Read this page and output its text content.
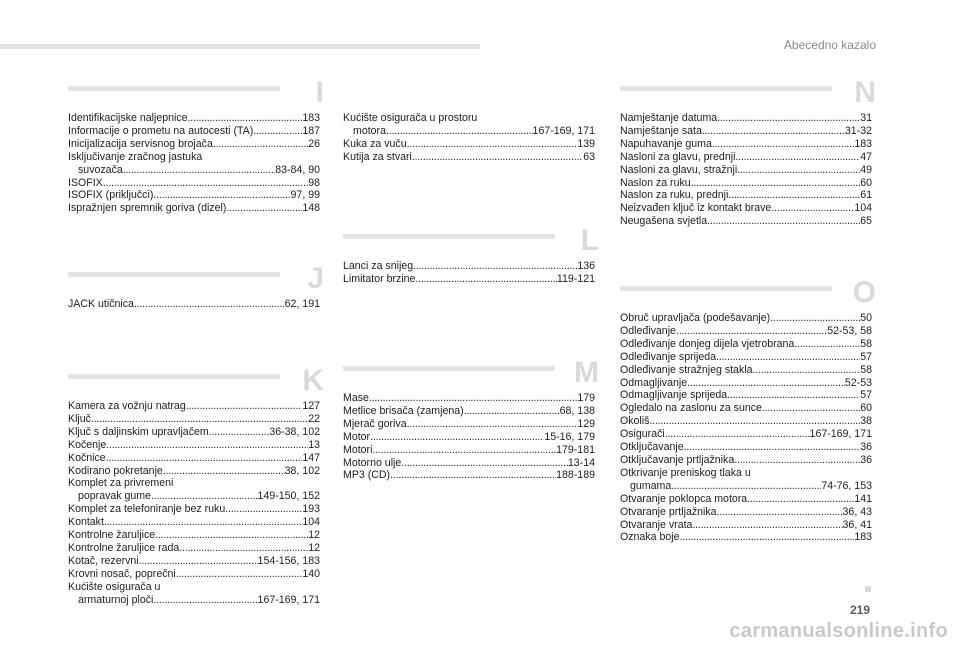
Abecedno kazalo
I
Identifikacijske naljepnice .....	183
Informacije o prometu na autocesti (TA) .....	187
Inicijalizacija servisnog brojača .....	26
Isključivanje zračnog jastuka
suvozača .....	83-84, 90
ISOFIX .....	98
ISOFIX (priključci) .....	97, 99
Ispražnjen spremnik goriva (dizel) .....	148
J
JACK utičnica .....	62, 191
K
Kamera za vožnju natrag .....	127
Ključ .....	22
Ključ s daljinskim upravljačem .....	36-38, 102
Kočenje .....	13
Kočnice .....	147
Kodirano pokretanje .....	38, 102
Komplet za privremeni
popravak gume .....	149-150, 152
Komplet za telefoniranje bez ruku .....	193
Kontakt .....	104
Kontrolne žaruljice .....	12
Kontrolne žaruljice rada .....	12
Kotač, rezervni .....	154-156, 183
Krovni nosač, poprečni .....	140
Kućište osigurača u
armaturnoj ploči .....	167-169, 171
Kućište osigurača u prostoru
motora .....	167-169, 171
Kuka za vuču .....	139
Kutija za stvari .....	63
L
Lanci za snijeg .....	136
Limitator brzine .....	119-121
M
Mase .....	179
Metlice brisača (zamjena) .....	68, 138
Mjerač goriva .....	129
Motor .....	15-16, 179
Motori .....	179-181
Motorno ulje .....	13-14
MP3 (CD) .....	188-189
N
Namještanje datuma .....	31
Namještanje sata .....	31-32
Napuhavanje guma .....	183
Nasloni za glavu, prednji .....	47
Nasloni za glavu, stražnji .....	49
Naslon za ruku .....	60
Naslon za ruku, prednji .....	61
Neizvađen ključ iz kontakt brave .....	104
Neugašena svjetla .....	65
O
Obruč upravljača (podešavanje) .....	50
Odleđivanje .....	52-53, 58
Odleđivanje donjeg dijela vjetrobrana .....	58
Odleđivanje sprijeda .....	57
Odleđivanje stražnjeg stakla .....	58
Odmagljivanje .....	52-53
Odmagljivanje sprijeda .....	57
Ogledalo na zaslonu za sunce .....	60
Okoliš .....	38
Osigurači .....	167-169, 171
Otključavanje .....	36
Otključavanje prtljažnika .....	36
Otkrivanje preniskog tlaka u
gumama .....	74-76, 153
Otvaranje poklopca motora .....	141
Otvaranje prtljažnika .....	36, 43
Otvaranje vrata .....	36, 41
Oznaka boje .....	183
219
carmanualsonline.info
